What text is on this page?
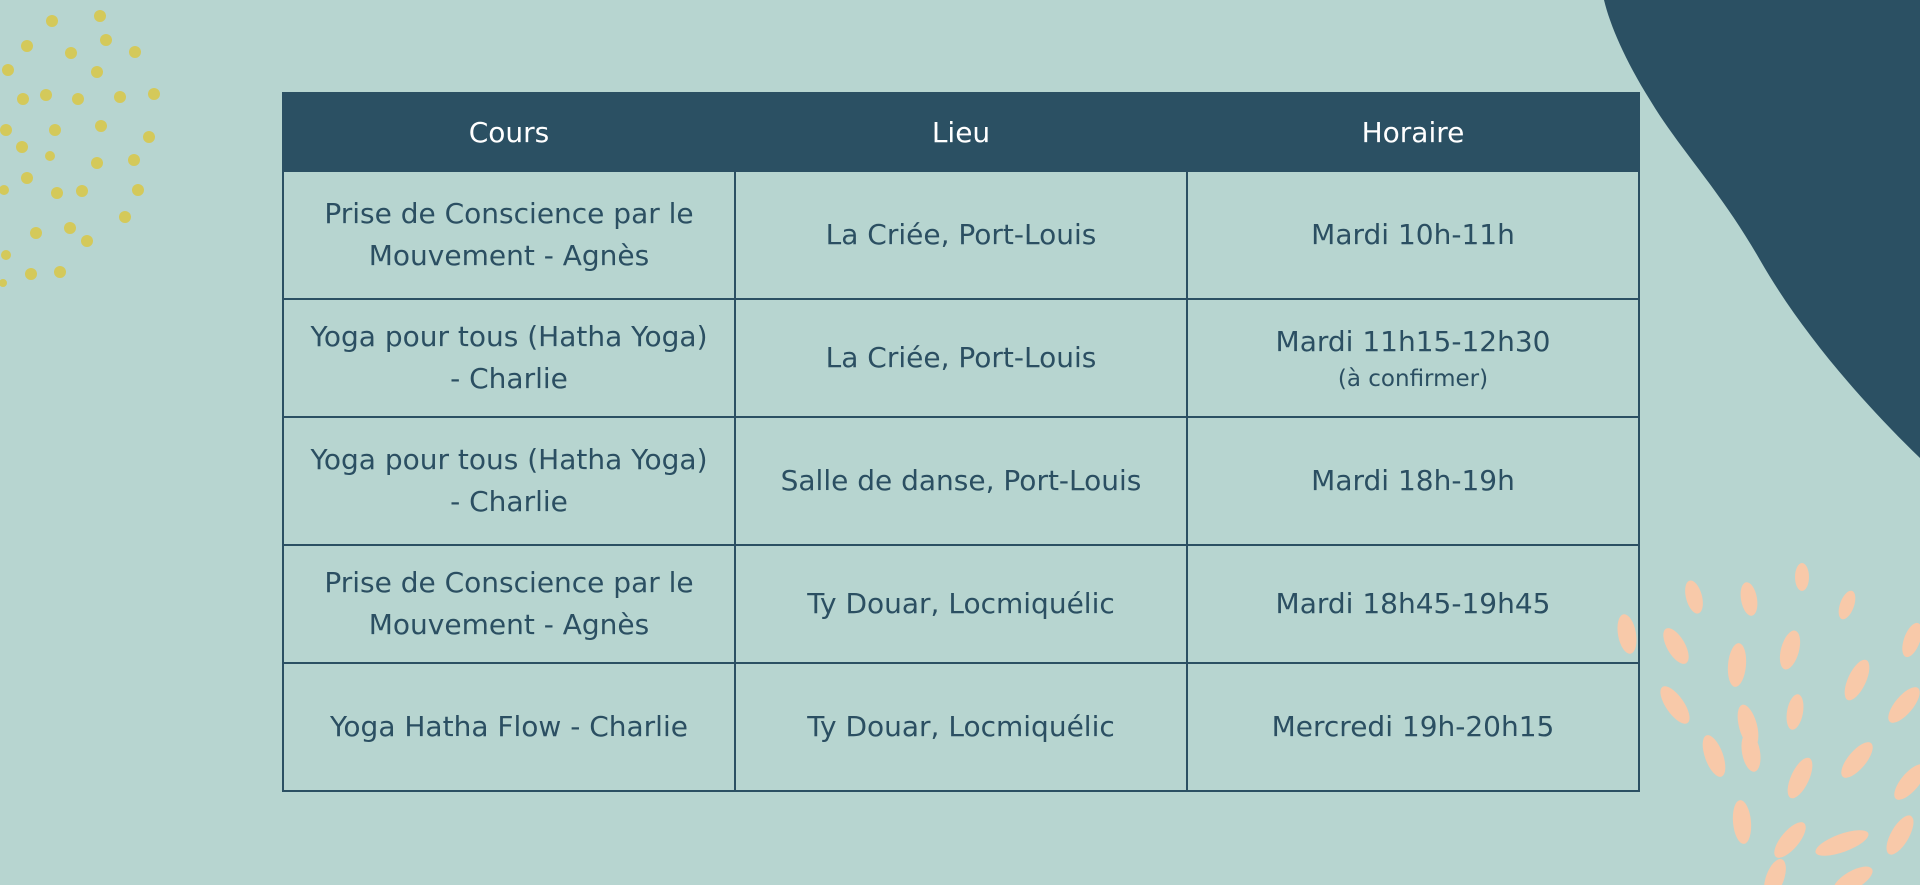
Cours	Lieu	Horaire
Prise de Conscience par le Mouvement - Agnès	La Criée, Port-Louis	Mardi 10h-11h
Yoga pour tous (Hatha Yoga) - Charlie	La Criée, Port-Louis	Mardi 11h15-12h30
(à confirmer)

Yoga pour tous (Hatha Yoga) - Charlie	Salle de danse, Port-Louis	Mardi 18h-19h
Prise de Conscience par le Mouvement - Agnès	Ty Douar, Locmiquélic	Mardi 18h45-19h45
Yoga Hatha Flow - Charlie	Ty Douar, Locmiquélic	Mercredi 19h-20h15
